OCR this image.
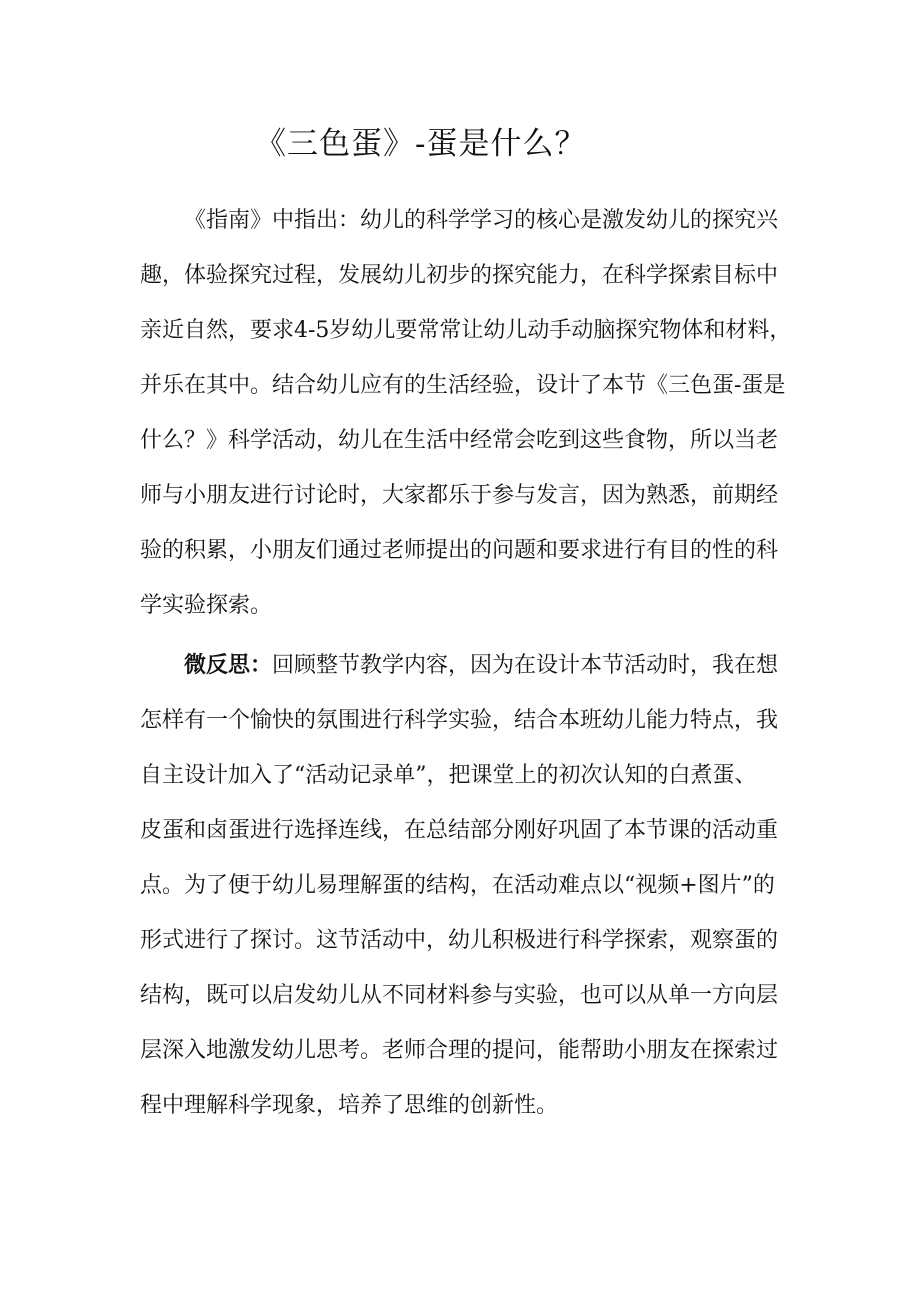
《三色蛋》-蛋是什么？
《指南》中指出：幼儿的科学学习的核心是激发幼儿的探究兴
趣，体验探究过程，发展幼儿初步的探究能力，在科学探索目标中
亲近自然，要求4-5岁幼儿要常常让幼儿动手动脑探究物体和材料，
并乐在其中。结合幼儿应有的生活经验，设计了本节《三色蛋-蛋是
什么？》科学活动，幼儿在生活中经常会吃到这些食物，所以当老
师与小朋友进行讨论时，大家都乐于参与发言，因为熟悉，前期经
验的积累，小朋友们通过老师提出的问题和要求进行有目的性的科
学实验探索。
微反思：回顾整节教学内容，因为在设计本节活动时，我在想
怎样有一个愉快的氛围进行科学实验，结合本班幼儿能力特点，我
自主设计加入了“活动记录单”，把课堂上的初次认知的白煮蛋、
皮蛋和卤蛋进行选择连线，在总结部分刚好巩固了本节课的活动重
点。为了便于幼儿易理解蛋的结构，在活动难点以“视频+图片”的
形式进行了探讨。这节活动中，幼儿积极进行科学探索，观察蛋的
结构，既可以启发幼儿从不同材料参与实验，也可以从单一方向层
层深入地激发幼儿思考。老师合理的提问，能帮助小朋友在探索过
程中理解科学现象，培养了思维的创新性。
